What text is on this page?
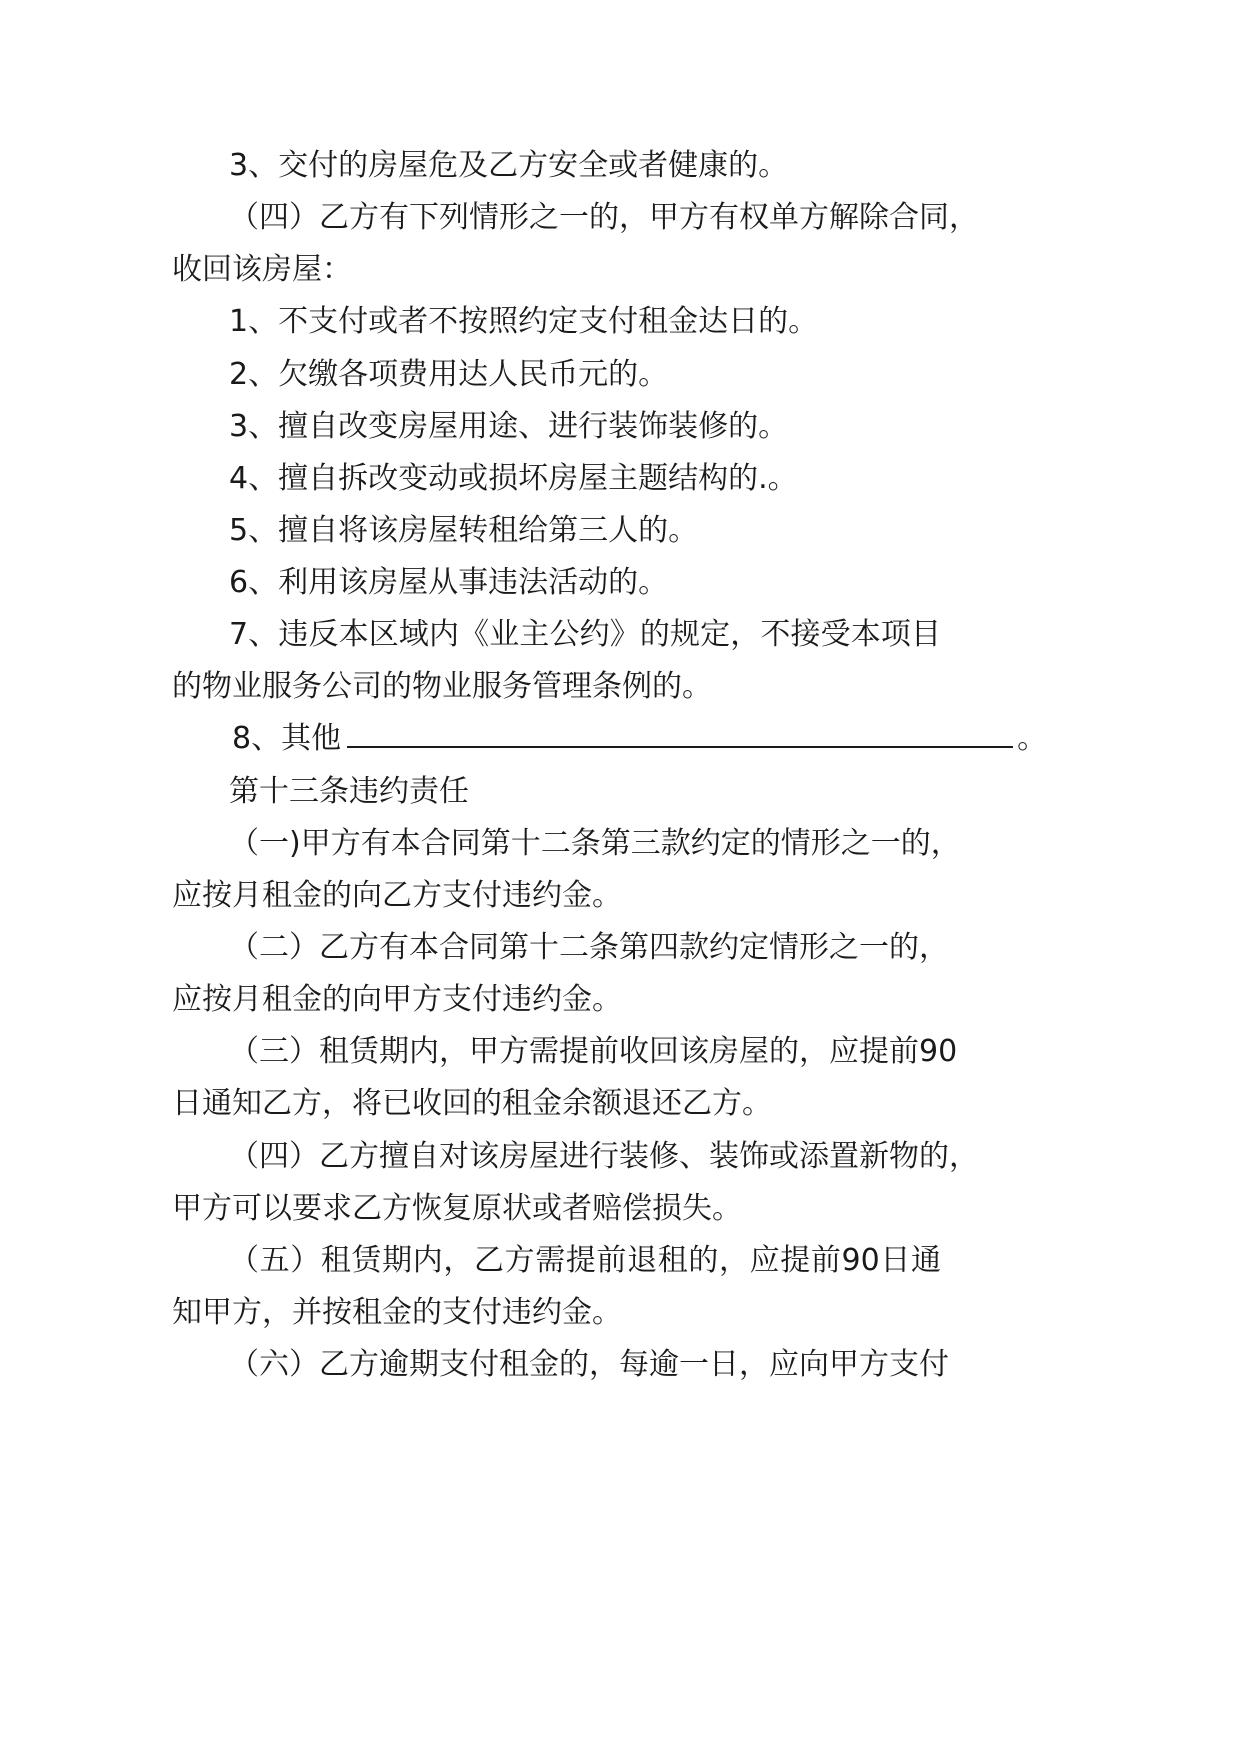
3、交付的房屋危及乙方安全或者健康的。
（四）乙方有下列情形之一的，甲方有权单方解除合同，
收回该房屋：
1、不支付或者不按照约定支付租金达日的。
2、欠缴各项费用达人民币元的。
3、擅自改变房屋用途、进行装饰装修的。
4、擅自拆改变动或损坏房屋主题结构的.。
5、擅自将该房屋转租给第三人的。
6、利用该房屋从事违法活动的。
7、违反本区域内《业主公约》的规定，不接受本项目
的物业服务公司的物业服务管理条例的。
8、其他	。
第十三条违约责任
（一)甲方有本合同第十二条第三款约定的情形之一的，
应按月租金的向乙方支付违约金。
（二）乙方有本合同第十二条第四款约定情形之一的，
应按月租金的向甲方支付违约金。
（三）租赁期内，甲方需提前收回该房屋的，应提前90
日通知乙方，将已收回的租金余额退还乙方。
（四）乙方擅自对该房屋进行装修、装饰或添置新物的，
甲方可以要求乙方恢复原状或者赔偿损失。
（五）租赁期内，乙方需提前退租的，应提前90日通
知甲方，并按租金的支付违约金。
（六）乙方逾期支付租金的，每逾一日，应向甲方支付
